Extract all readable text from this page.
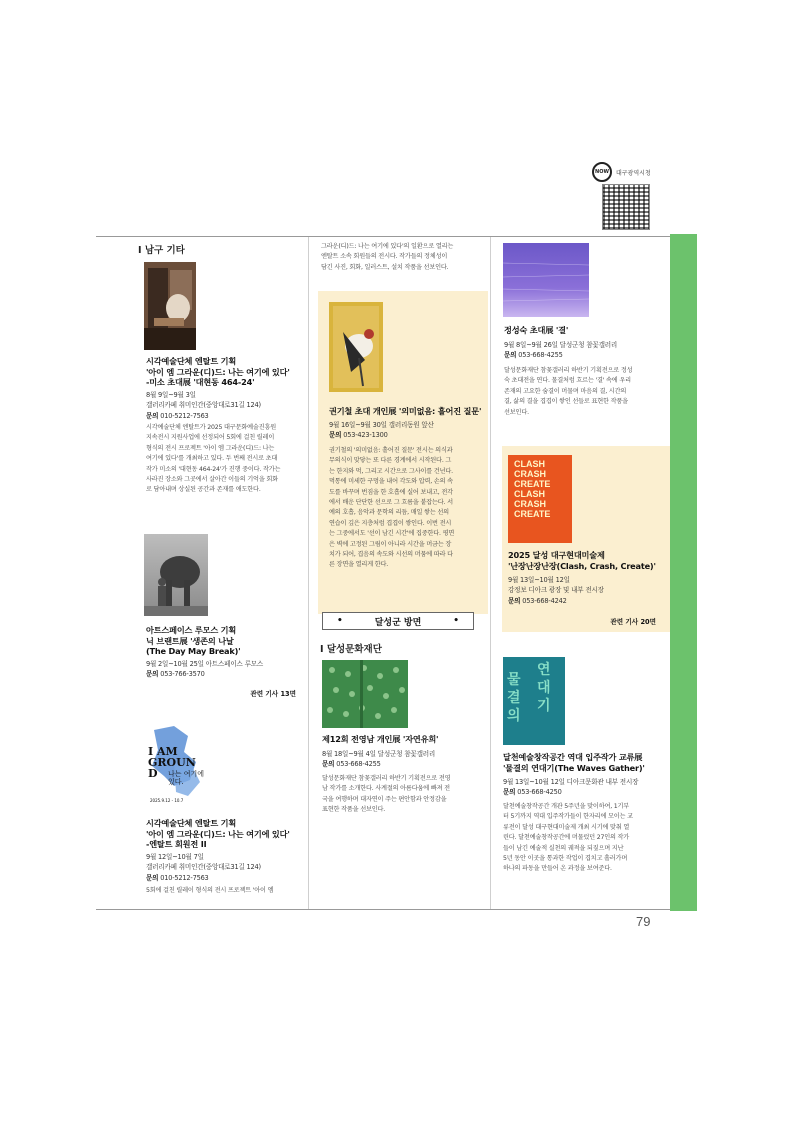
NOW	대구광역시청
79
I 남구 기타
시각예술단체 엔탈트 기획
'아이 엠 그라운(디)드: 나는 여기에 있다'
-미소 초대展 '대현동 464-24'
8월 9일~9월 3일
갤러리카페 취미인간(중앙대로31길 124)
문의 010-5212-7563
시각예술단체 엔탈트가 2025 대구문화예술진흥원
지속전시 지원사업에 선정되어 5회에 걸친 릴레이
형식의 전시 프로젝트 '아이 엠 그라운(디)드: 나는
여기에 있다'를 개최하고 있다. 두 번째 전시로 초대
작가 미소의 '대현동 464-24'가 진행 중이다. 작가는
사라진 장소와 그곳에서 살아간 이들의 기억을 회화
로 담아내며 상실된 공간과 존재를 애도한다.
아트스페이스 루모스 기획
닉 브랜트展 '생존의 나날
(The Day May Break)'
9월 2일~10월 25일 아트스페이스 루모스
문의 053-766-3570
관련 기사 13면
I AM
GROUN D	나는 여기에 있다.
2025.9.12 - 10.7
시각예술단체 엔탈트 기획
'아이 엠 그라운(디)드: 나는 여기에 있다'
-엔탈트 회원전 II
9월 12일~10월 7일
갤러리카페 취미인간(중앙대로31길 124)
문의 010-5212-7563
5회에 걸친 릴레이 형식의 전시 프로젝트 '아이 엠
그라운(디)드: 나는 여기에 있다'의 일환으로 열리는
엔탈트 소속 회원들의 전시다. 작가들의 정체성이
담긴 사진, 회화, 일러스트, 설치 작품을 선보인다.
권기철 초대 개인展 '의미없음: 흩어진 질문'
9월 16일~9월 30일 갤러리동원 앞산
문의 053-423-1300
권기철의 '의미없음: 흩어진 질문' 전시는 의식과
무의식이 맞닿는 또 다른 경계에서 시작된다. 그
는 한지와 먹, 그리고 시간으로 그사이를 건넌다.
먹통에 미세한 구멍을 내어 각도와 압력, 손의 속
도를 바꾸며 번짐을 한 호흡에 실어 보내고, 전각
에서 배운 단단한 선으로 그 흐름을 붙잡는다. 서
예의 호흡, 음악과 문학의 리듬, 매일 쌓는 선의
연습이 깊은 지층처럼 겹겹이 쌓인다. 이번 전시
는 그중에서도 '선이 남긴 시간'에 집중한다. 평면
은 벽에 고정된 그림이 아니라 시간을 머금는 장
치가 되어, 겹음의 속도와 시선의 머뭄에 따라 다
른 장면을 열리게 한다.
•	달성군 방면	•
I 달성문화재단
제12회 전영남 개인展 '자연유희'
8월 18일~9월 4일 달성군청 참꽃갤러리
문의 053-668-4255
달성문화재단 참꽃갤러리 하반기 기획전으로 전영
남 작가를 소개한다. 사계절의 아름다움에 빠져 전
국을 여행하며 대자연이 주는 편안함과 안정감을
표현한 작품을 선보인다.
정성숙 초대展 '결'
9월 8일~9월 26일 달성군청 참꽃갤러리
문의 053-668-4255
달성문화재단 참꽃갤러리 하반기 기획전으로 정성
숙 초대전을 연다. 물결처럼 흐르는 '결' 속에 우리
존재의 고요한 숨결이 머물며 마음의 결, 시간의
결, 삶의 결을 겹겹이 쌓인 선들로 표현한 작품을
선보인다.
CLASH
CRASH
CREATE
CLASH
CRASH
CREATE
2025 달성 대구현대미술제
'난장난장난장(Clash, Crash, Create)'
9월 13일~10월 12일
강정보 디아크 광장 및 내부 전시장
문의 053-668-4242
관련 기사 20면
물
결
의
연
대
기
달천예술창작공간 역대 입주작가 교류展
'물결의 연대기(The Waves Gather)'
9월 13일~10월 12일 디아크문화관 내부 전시장
문의 053-668-4250
달천예술창작공간 개관 5주년을 맞이하여, 1기부
터 5기까지 역대 입주작가들이 한자리에 모이는 교
류전이 달성 대구현대미술제 개최 시기에 맞춰 열
린다. 달천예술창작공간에 머물렀던 27인의 작가
들이 남긴 예술적 실천의 궤적을 되짚으며 지난
5년 동안 이곳을 통과한 작업이 겹치고 흘러가며
하나의 파동을 만들어 온 과정을 보여준다.
